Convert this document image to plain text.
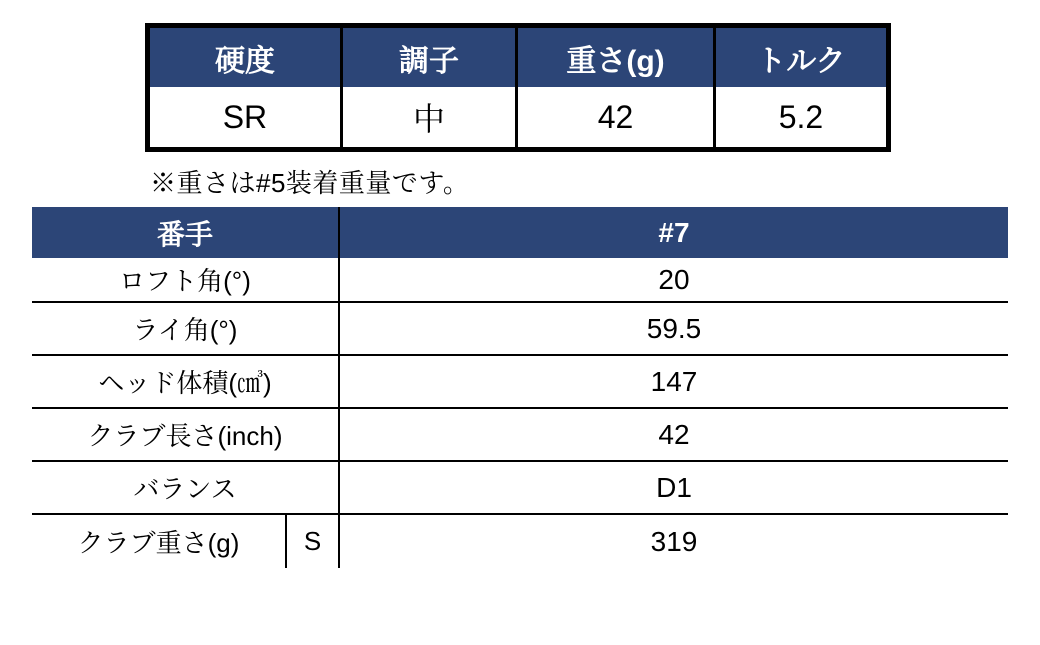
硬度	調子	重さ(g)	トルク
SR	中	42	5.2
※重さは#5装着重量です。
番手	#7
ロフト角(°)	20
ライ角(°)	59.5
ヘッド体積(㎤)	147
クラブ長さ(inch)	42
バランス	D1
クラブ重さ(g)	S	319
